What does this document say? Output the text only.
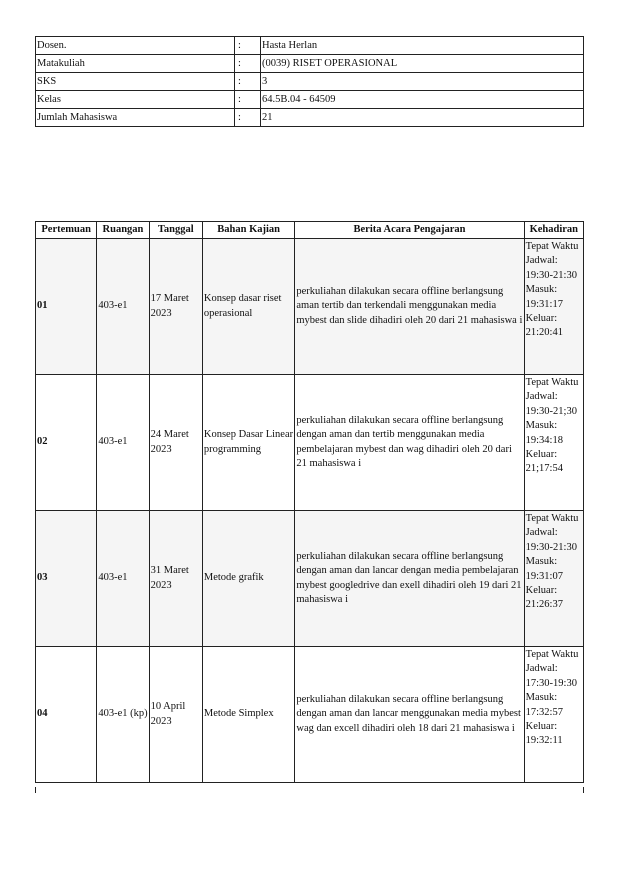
Dosen.	:	Hasta Herlan
Matakuliah	:	(0039) RISET OPERASIONAL
SKS	:	3
Kelas	:	64.5B.04 - 64509
Jumlah Mahasiswa	:	21
Pertemuan	Ruangan	Tanggal	Bahan Kajian	Berita Acara Pengajaran	Kehadiran
01	403-e1	17 Maret 2023	Konsep dasar riset operasional	perkuliahan dilakukan secara offline berlangsung aman tertib dan terkendali menggunakan media mybest dan slide dihadiri oleh 20 dari 21 mahasiswa i	Tepat Waktu Jadwal: 19:30-21:30 Masuk: 19:31:17 Keluar: 21:20:41
02	403-e1	24 Maret 2023	Konsep Dasar Linear programming	perkuliahan dilakukan secara offline berlangsung dengan aman dan tertib menggunakan media pembelajaran mybest dan wag dihadiri oleh 20 dari 21 mahasiswa i	Tepat Waktu Jadwal: 19:30-21;30 Masuk: 19:34:18 Keluar: 21;17:54
03	403-e1	31 Maret 2023	Metode grafik	perkuliahan dilakukan secara offline berlangsung dengan aman dan lancar dengan media pembelajaran mybest googledrive dan exell dihadiri oleh 19 dari 21 mahasiswa i	Tepat Waktu Jadwal: 19:30-21:30 Masuk: 19:31:07 Keluar: 21:26:37
04	403-e1 (kp)	10 April 2023	Metode Simplex	perkuliahan dilakukan secara offline berlangsung dengan aman dan lancar menggunakan media mybest wag dan excell dihadiri oleh 18 dari 21 mahasiswa i	Tepat Waktu Jadwal: 17:30-19:30 Masuk: 17:32:57 Keluar: 19:32:11
